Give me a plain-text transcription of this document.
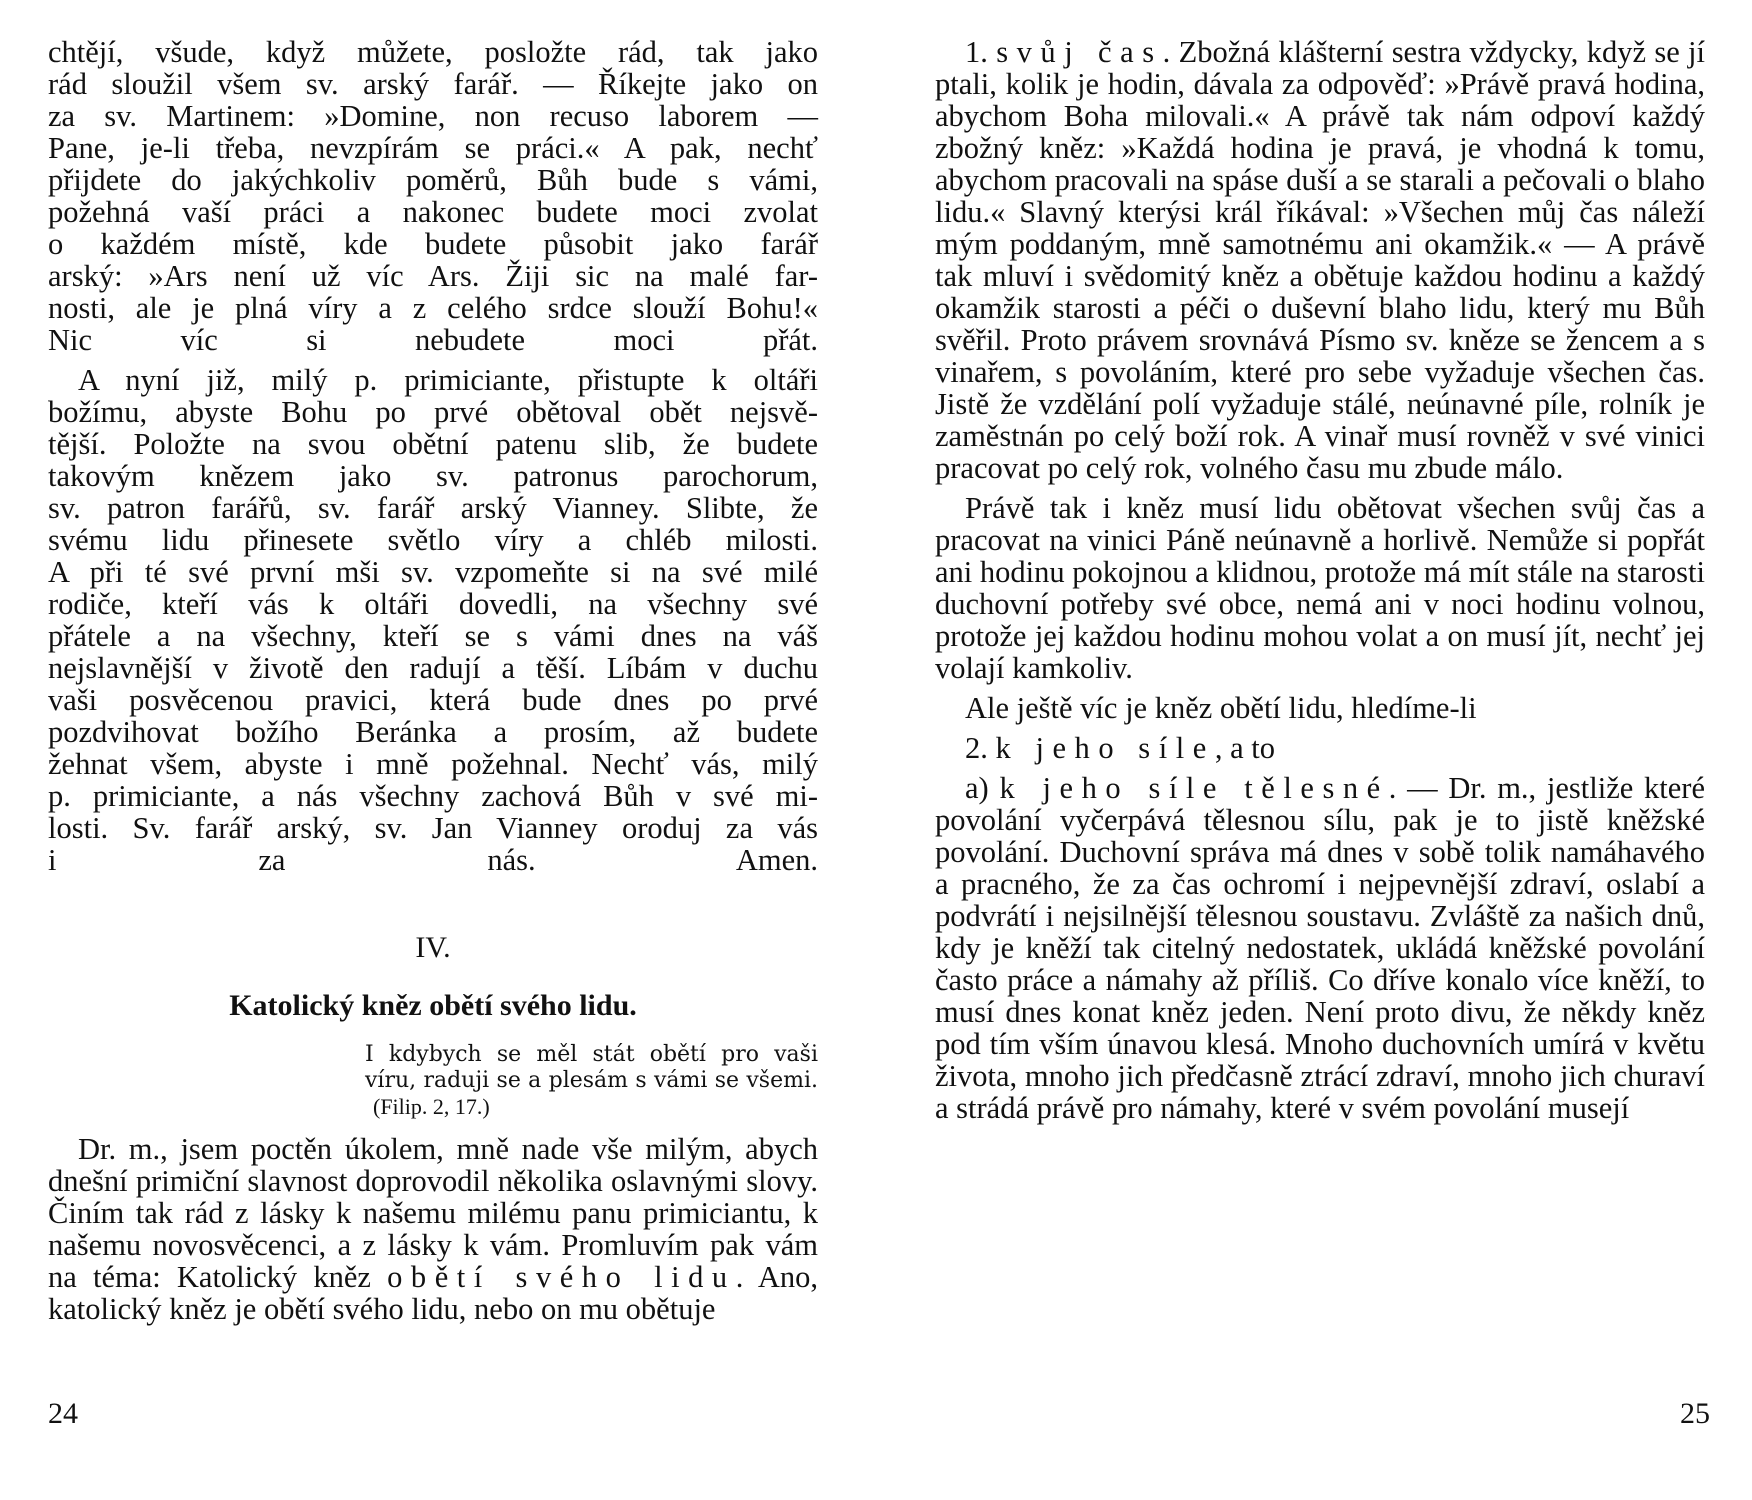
chtějí, všude, když můžete, posložte rád, tak jako
rád sloužil všem sv. arský farář. — Říkejte jako on
za sv. Martinem: »Domine, non recuso laborem —
Pane, je-li třeba, nevzpírám se práci.« A pak, nechť
přijdete do jakýchkoliv poměrů, Bůh bude s vámi,
požehná vaší práci a nakonec budete moci zvolat
o každém místě, kde budete působit jako farář
arský: »Ars není už víc Ars. Žiji sic na malé far-
nosti, ale je plná víry a z celého srdce slouží Bohu!«
Nic víc si nebudete moci přát.

A nyní již, milý p. primiciante, přistupte k oltáři
božímu, abyste Bohu po prvé obětoval obět nejsvě-
tější. Položte na svou obětní patenu slib, že budete
takovým knězem jako sv. patronus parochorum,
sv. patron farářů, sv. farář arský Vianney. Slibte, že
svému lidu přinesete světlo víry a chléb milosti.
A při té své první mši sv. vzpomeňte si na své milé
rodiče, kteří vás k oltáři dovedli, na všechny své
přátele a na všechny, kteří se s vámi dnes na váš
nejslavnější v životě den radují a těší. Líbám v duchu
vaši posvěcenou pravici, která bude dnes po prvé
pozdvihovat božího Beránka a prosím, až budete
žehnat všem, abyste i mně požehnal. Nechť vás, milý
p. primiciante, a nás všechny zachová Bůh v své mi-
losti. Sv. farář arský, sv. Jan Vianney oroduj za vás
i za nás. Amen.

IV.
Katolický kněz obětí svého lidu.
I kdybych se měl stát obětí pro vaši víru, raduji se a plesám s vámi se všemi. (Filip. 2, 17.)

Dr. m., jsem poctěn úkolem, mně nade vše milým, abych dnešní primiční slavnost doprovodil několika oslavnými slovy. Činím tak rád z lásky k našemu milému panu primiciantu, k našemu novosvěcenci, a z lásky k vám. Promluvím pak vám na téma: Katolický kněz obětí svého lidu. Ano, katolický kněz je obětí svého lidu, nebo on mu obětuje

24

1. svůj čas. Zbožná klášterní sestra vždycky, když se jí ptali, kolik je hodin, dávala za odpověď: »Právě pravá hodina, abychom Boha milovali.« A právě tak nám odpoví každý zbožný kněz: »Každá hodina je pravá, je vhodná k tomu, abychom pracovali na spáse duší a se starali a pečovali o blaho lidu.« Slavný kterýsi král říkával: »Všechen můj čas náleží mým poddaným, mně samotnému ani okamžik.« — A právě tak mluví i svědomitý kněz a obětuje každou hodinu a každý okamžik starosti a péči o duševní blaho lidu, který mu Bůh svěřil. Proto právem srovnává Písmo sv. kněze se žencem a s vinařem, s povoláním, které pro sebe vyžaduje všechen čas. Jistě že vzdělání polí vyžaduje stálé, neúnavné píle, rolník je zaměstnán po celý boží rok. A vinař musí rovněž v své vinici pracovat po celý rok, volného času mu zbude málo.

Právě tak i kněz musí lidu obětovat všechen svůj čas a pracovat na vinici Páně neúnavně a horlivě. Nemůže si popřát ani hodinu pokojnou a klidnou, protože má mít stále na starosti duchovní potřeby své obce, nemá ani v noci hodinu volnou, protože jej každou hodinu mohou volat a on musí jít, nechť jej volají kamkoliv.

Ale ještě víc je kněz obětí lidu, hledíme-li

2. k jeho síle, a to

a) k jeho síle tělesné. — Dr. m., jestliže které povolání vyčerpává tělesnou sílu, pak je to jistě kněžské povolání. Duchovní správa má dnes v sobě tolik namáhavého a pracného, že za čas ochromí i nejpevnější zdraví, oslabí a podvrátí i nejsilnější tělesnou soustavu. Zvláště za našich dnů, kdy je kněží tak citelný nedostatek, ukládá kněžské povolání často práce a námahy až příliš. Co dříve konalo více kněží, to musí dnes konat kněz jeden. Není proto divu, že někdy kněz pod tím vším únavou klesá. Mnoho duchovních umírá v květu života, mnoho jich předčasně ztrácí zdraví, mnoho jich churaví a strádá právě pro námahy, které v svém povolání musejí

25
